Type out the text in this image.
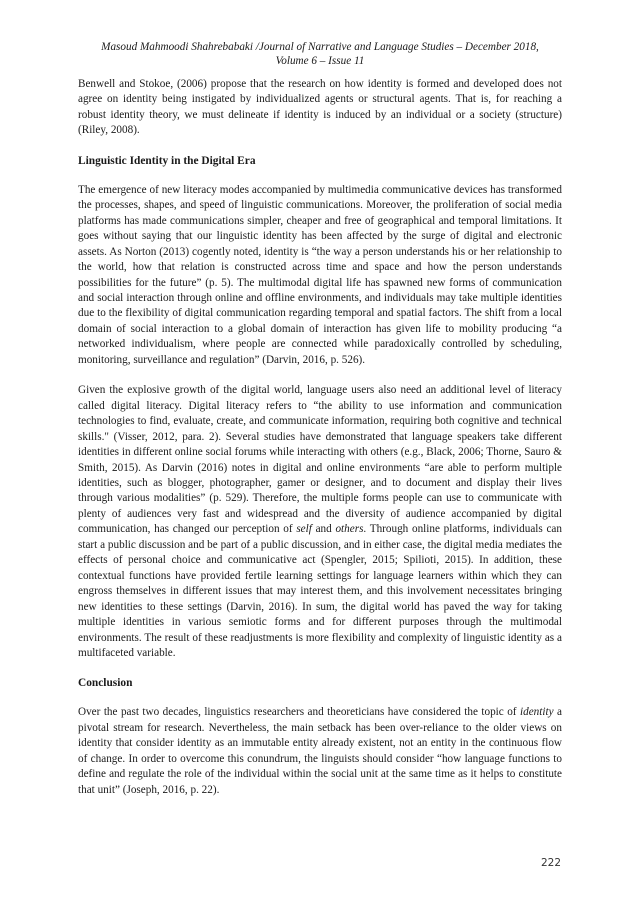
Masoud Mahmoodi Shahrebabaki /Journal of Narrative and Language Studies – December 2018,
Volume 6 – Issue 11

Benwell and Stokoe, (2006) propose that the research on how identity is formed and developed does not agree on identity being instigated by individualized agents or structural agents. That is, for reaching a robust identity theory, we must delineate if identity is induced by an individual or a society (structure) (Riley, 2008).

Linguistic Identity in the Digital Era

The emergence of new literacy modes accompanied by multimedia communicative devices has transformed the processes, shapes, and speed of linguistic communications. Moreover, the proliferation of social media platforms has made communications simpler, cheaper and free of geographical and temporal limitations. It goes without saying that our linguistic identity has been affected by the surge of digital and electronic assets. As Norton (2013) cogently noted, identity is “the way a person understands his or her relationship to the world, how that relation is constructed across time and space and how the person understands possibilities for the future” (p. 5). The multimodal digital life has spawned new forms of communication and social interaction through online and offline environments, and individuals may take multiple identities due to the flexibility of digital communication regarding temporal and spatial factors. The shift from a local domain of social interaction to a global domain of interaction has given life to mobility producing “a networked individualism, where people are connected while paradoxically controlled by scheduling, monitoring, surveillance and regulation” (Darvin, 2016, p. 526).

Given the explosive growth of the digital world, language users also need an additional level of literacy called digital literacy. Digital literacy refers to “the ability to use information and communication technologies to find, evaluate, create, and communicate information, requiring both cognitive and technical skills." (Visser, 2012, para. 2). Several studies have demonstrated that language speakers take different identities in different online social forums while interacting with others (e.g., Black, 2006; Thorne, Sauro & Smith, 2015). As Darvin (2016) notes in digital and online environments “are able to perform multiple identities, such as blogger, photographer, gamer or designer, and to document and display their lives through various modalities” (p. 529). Therefore, the multiple forms people can use to communicate with plenty of audiences very fast and widespread and the diversity of audience accompanied by digital communication, has changed our perception of self and others. Through online platforms, individuals can start a public discussion and be part of a public discussion, and in either case, the digital media mediates the effects of personal choice and communicative act (Spengler, 2015; Spilioti, 2015). In addition, these contextual functions have provided fertile learning settings for language learners within which they can engross themselves in different issues that may interest them, and this involvement necessitates bringing new identities to these settings (Darvin, 2016). In sum, the digital world has paved the way for taking multiple identities in various semiotic forms and for different purposes through the multimodal environments. The result of these readjustments is more flexibility and complexity of linguistic identity as a multifaceted variable.

Conclusion

Over the past two decades, linguistics researchers and theoreticians have considered the topic of identity a pivotal stream for research. Nevertheless, the main setback has been over-reliance to the older views on identity that consider identity as an immutable entity already existent, not an entity in the continuous flow of change. In order to overcome this conundrum, the linguists should consider “how language functions to define and regulate the role of the individual within the social unit at the same time as it helps to constitute that unit” (Joseph, 2016, p. 22).

222
